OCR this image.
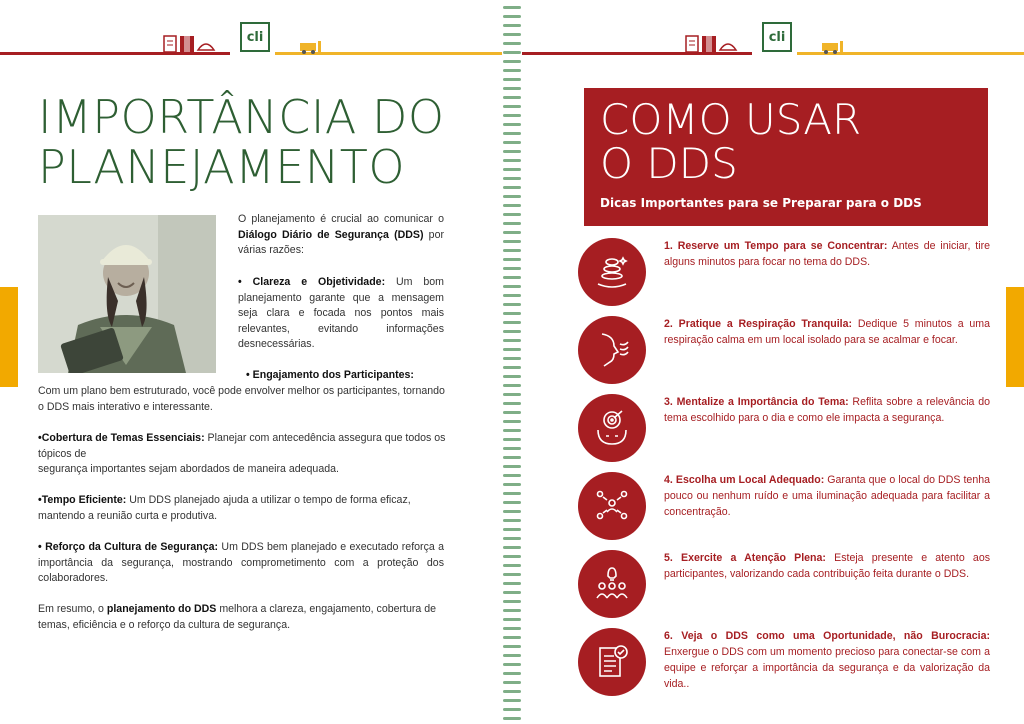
cli
IMPORTÂNCIA DO
PLANEJAMENTO
O planejamento é crucial ao comunicar o Diálogo Diário de Segurança (DDS) por várias razões:
• Clareza e Objetividade: Um bom planejamento garante que a mensagem seja clara e focada nos pontos mais relevantes, evitando informações desnecessárias.
• Engajamento dos Participantes:
Com um plano bem estruturado, você pode envolver melhor os participantes, tornando o DDS mais interativo e interessante.
•Cobertura de Temas Essenciais: Planejar com antecedência assegura que todos os tópicos de
segurança importantes sejam abordados de maneira adequada.
•Tempo Eficiente: Um DDS planejado ajuda a utilizar o tempo de forma eficaz, mantendo a reunião curta e produtiva.
• Reforço da Cultura de Segurança: Um DDS bem planejado e executado reforça a importância da segurança, mostrando comprometimento com a proteção dos colaboradores.
Em resumo, o planejamento do DDS melhora a clareza, engajamento, cobertura de temas, eficiência e o reforço da cultura de segurança.
cli
COMO USAR
O DDS
Dicas Importantes para se Preparar para o DDS
1. Reserve um Tempo para se Concentrar: Antes de iniciar, tire alguns minutos para focar no tema do DDS.
2. Pratique a Respiração Tranquila: Dedique 5 minutos a uma respiração calma em um local isolado para se acalmar e focar.
3. Mentalize a Importância do Tema: Reflita sobre a relevância do tema escolhido para o dia e como ele impacta a segurança.
4. Escolha um Local Adequado: Garanta que o local do DDS tenha pouco ou nenhum ruído e uma iluminação adequada para facilitar a concentração.
5. Exercite a Atenção Plena: Esteja presente e atento aos participantes, valorizando cada contribuição feita durante o DDS.
6. Veja o DDS como uma Oportunidade, não Burocracia: Enxergue o DDS com um momento precioso para conectar-se com a equipe e reforçar a importância da segurança e da valorização da vida..
